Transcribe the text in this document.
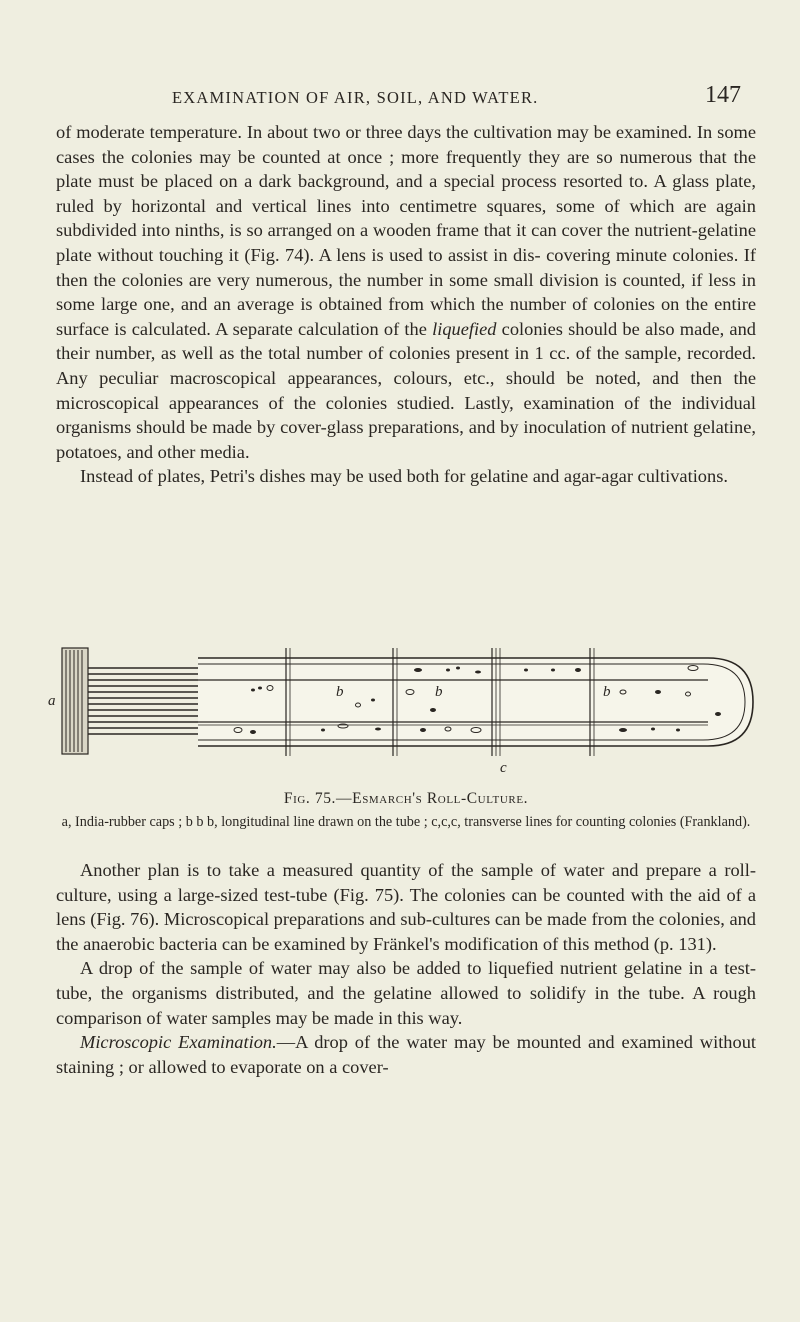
EXAMINATION OF AIR, SOIL, AND WATER.	147

of moderate temperature. In about two or three days the cultivation may be examined. In some cases the colonies may be counted at once ; more frequently they are so numerous that the plate must be placed on a dark background, and a special process resorted to. A glass plate, ruled by horizontal and vertical lines into centimetre squares, some of which are again subdivided into ninths, is so arranged on a wooden frame that it can cover the nutrient-gelatine plate without touching it (Fig. 74). A lens is used to assist in dis- covering minute colonies. If then the colonies are very numerous, the number in some small division is counted, if less in some large one, and an average is obtained from which the number of colonies on the entire surface is calculated. A separate calculation of the liquefied colonies should be also made, and their number, as well as the total number of colonies present in 1 cc. of the sample, recorded. Any peculiar macroscopical appearances, colours, etc., should be noted, and then the microscopical appearances of the colonies studied. Lastly, examination of the individual organisms should be made by cover-glass preparations, and by inoculation of nutrient gelatine, potatoes, and other media.

Instead of plates, Petri's dishes may be used both for gelatine and agar-agar cultivations.

a
b	b	b
c
Fig. 75.—Esmarch's Roll-Culture.
a, India-rubber caps ; b b b, longitudinal line drawn on the tube ; c,c,c, transverse lines for counting colonies (Frankland).

Another plan is to take a measured quantity of the sample of water and prepare a roll-culture, using a large-sized test-tube (Fig. 75). The colonies can be counted with the aid of a lens (Fig. 76). Microscopical preparations and sub-cultures can be made from the colonies, and the anaerobic bacteria can be examined by Fränkel's modification of this method (p. 131).

A drop of the sample of water may also be added to liquefied nutrient gelatine in a test-tube, the organisms distributed, and the gelatine allowed to solidify in the tube. A rough comparison of water samples may be made in this way.

Microscopic Examination.—A drop of the water may be mounted and examined without staining ; or allowed to evaporate on a cover-
